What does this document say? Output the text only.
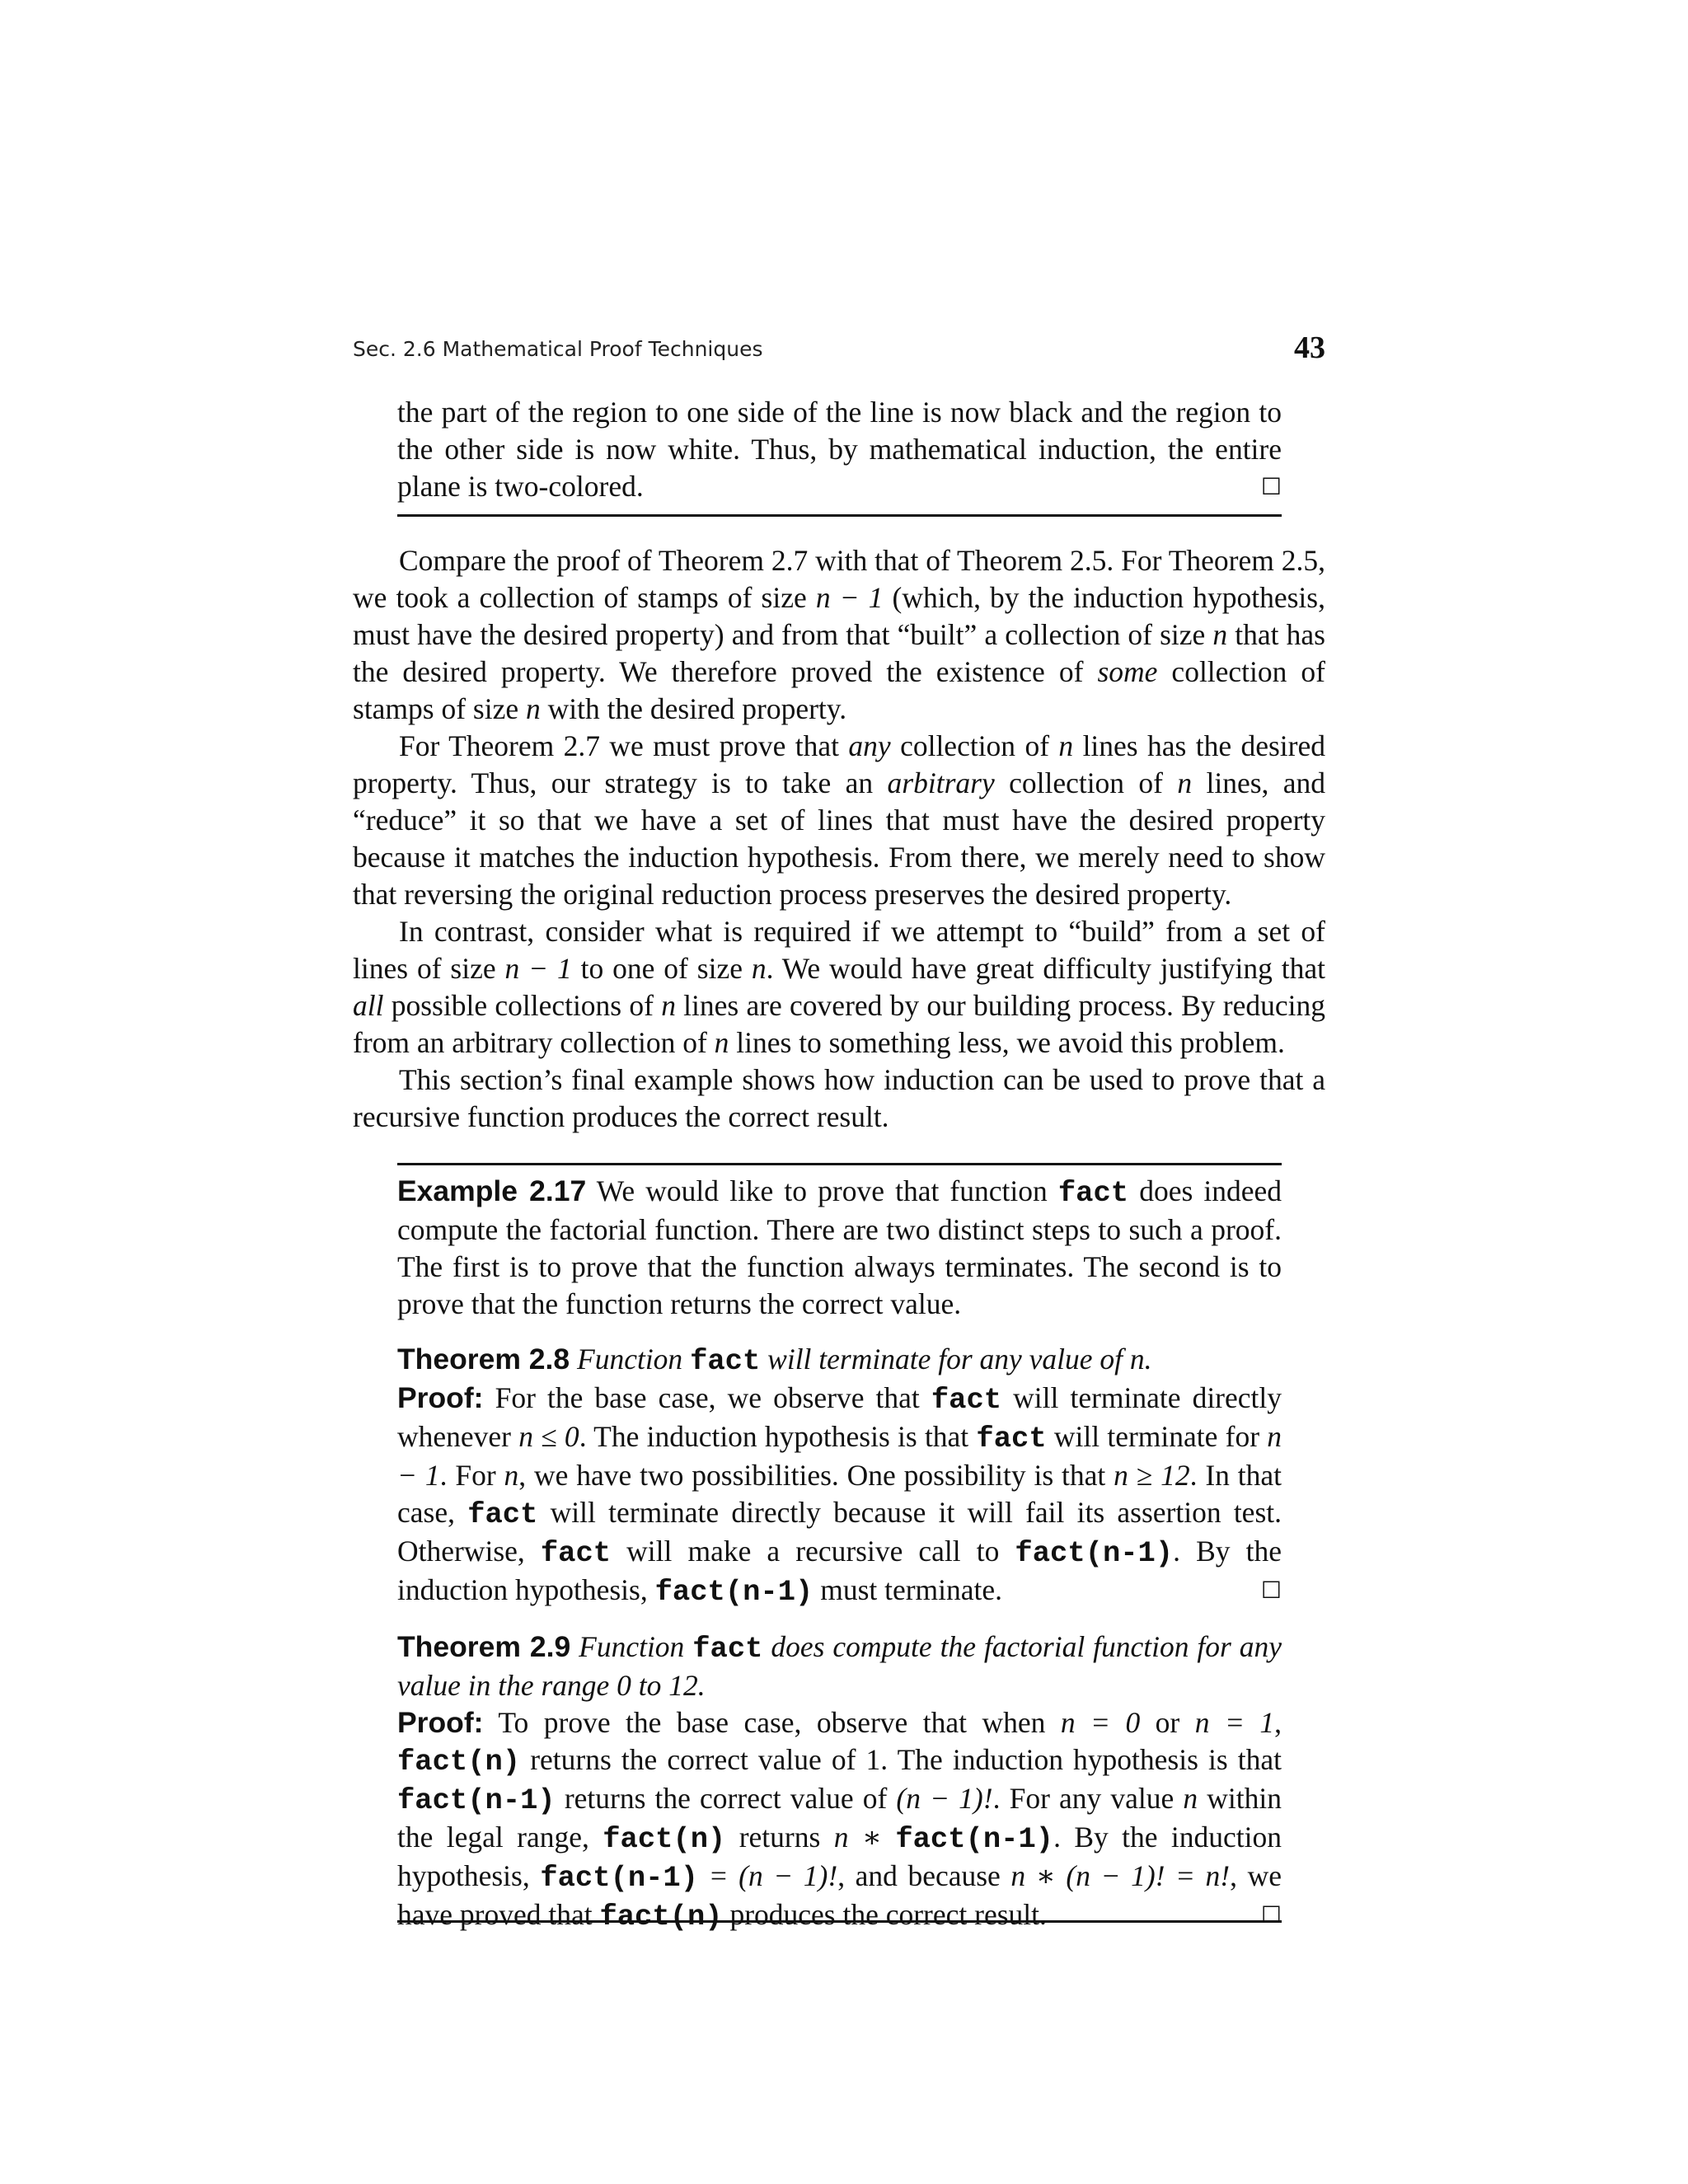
Sec. 2.6 Mathematical Proof Techniques	43

the part of the region to one side of the line is now black and the region to the other side is now white. Thus, by mathematical induction, the entire plane is two-colored.	☐

Compare the proof of Theorem 2.7 with that of Theorem 2.5. For Theorem 2.5, we took a collection of stamps of size n − 1 (which, by the induction hypothesis, must have the desired property) and from that “built” a collection of size n that has the desired property. We therefore proved the existence of some collection of stamps of size n with the desired property.

For Theorem 2.7 we must prove that any collection of n lines has the desired property. Thus, our strategy is to take an arbitrary collection of n lines, and “reduce” it so that we have a set of lines that must have the desired property because it matches the induction hypothesis. From there, we merely need to show that reversing the original reduction process preserves the desired property.

In contrast, consider what is required if we attempt to “build” from a set of lines of size n − 1 to one of size n. We would have great difficulty justifying that all possible collections of n lines are covered by our building process. By reducing from an arbitrary collection of n lines to something less, we avoid this problem.

This section’s final example shows how induction can be used to prove that a recursive function produces the correct result.

Example 2.17 We would like to prove that function fact does indeed compute the factorial function. There are two distinct steps to such a proof. The first is to prove that the function always terminates. The second is to prove that the function returns the correct value.

Theorem 2.8 Function fact will terminate for any value of n.

Proof: For the base case, we observe that fact will terminate directly whenever n ≤ 0. The induction hypothesis is that fact will terminate for n − 1. For n, we have two possibilities. One possibility is that n ≥ 12. In that case, fact will terminate directly because it will fail its assertion test. Otherwise, fact will make a recursive call to fact(n-1). By the induction hypothesis, fact(n-1) must terminate.	☐

Theorem 2.9 Function fact does compute the factorial function for any value in the range 0 to 12.

Proof: To prove the base case, observe that when n = 0 or n = 1, fact(n) returns the correct value of 1. The induction hypothesis is that fact(n-1) returns the correct value of (n − 1)!. For any value n within the legal range, fact(n) returns n ∗ fact(n-1). By the induction hypothesis, fact(n-1) = (n − 1)!, and because n ∗ (n − 1)! = n!, we have proved that fact(n) produces the correct result.	☐
